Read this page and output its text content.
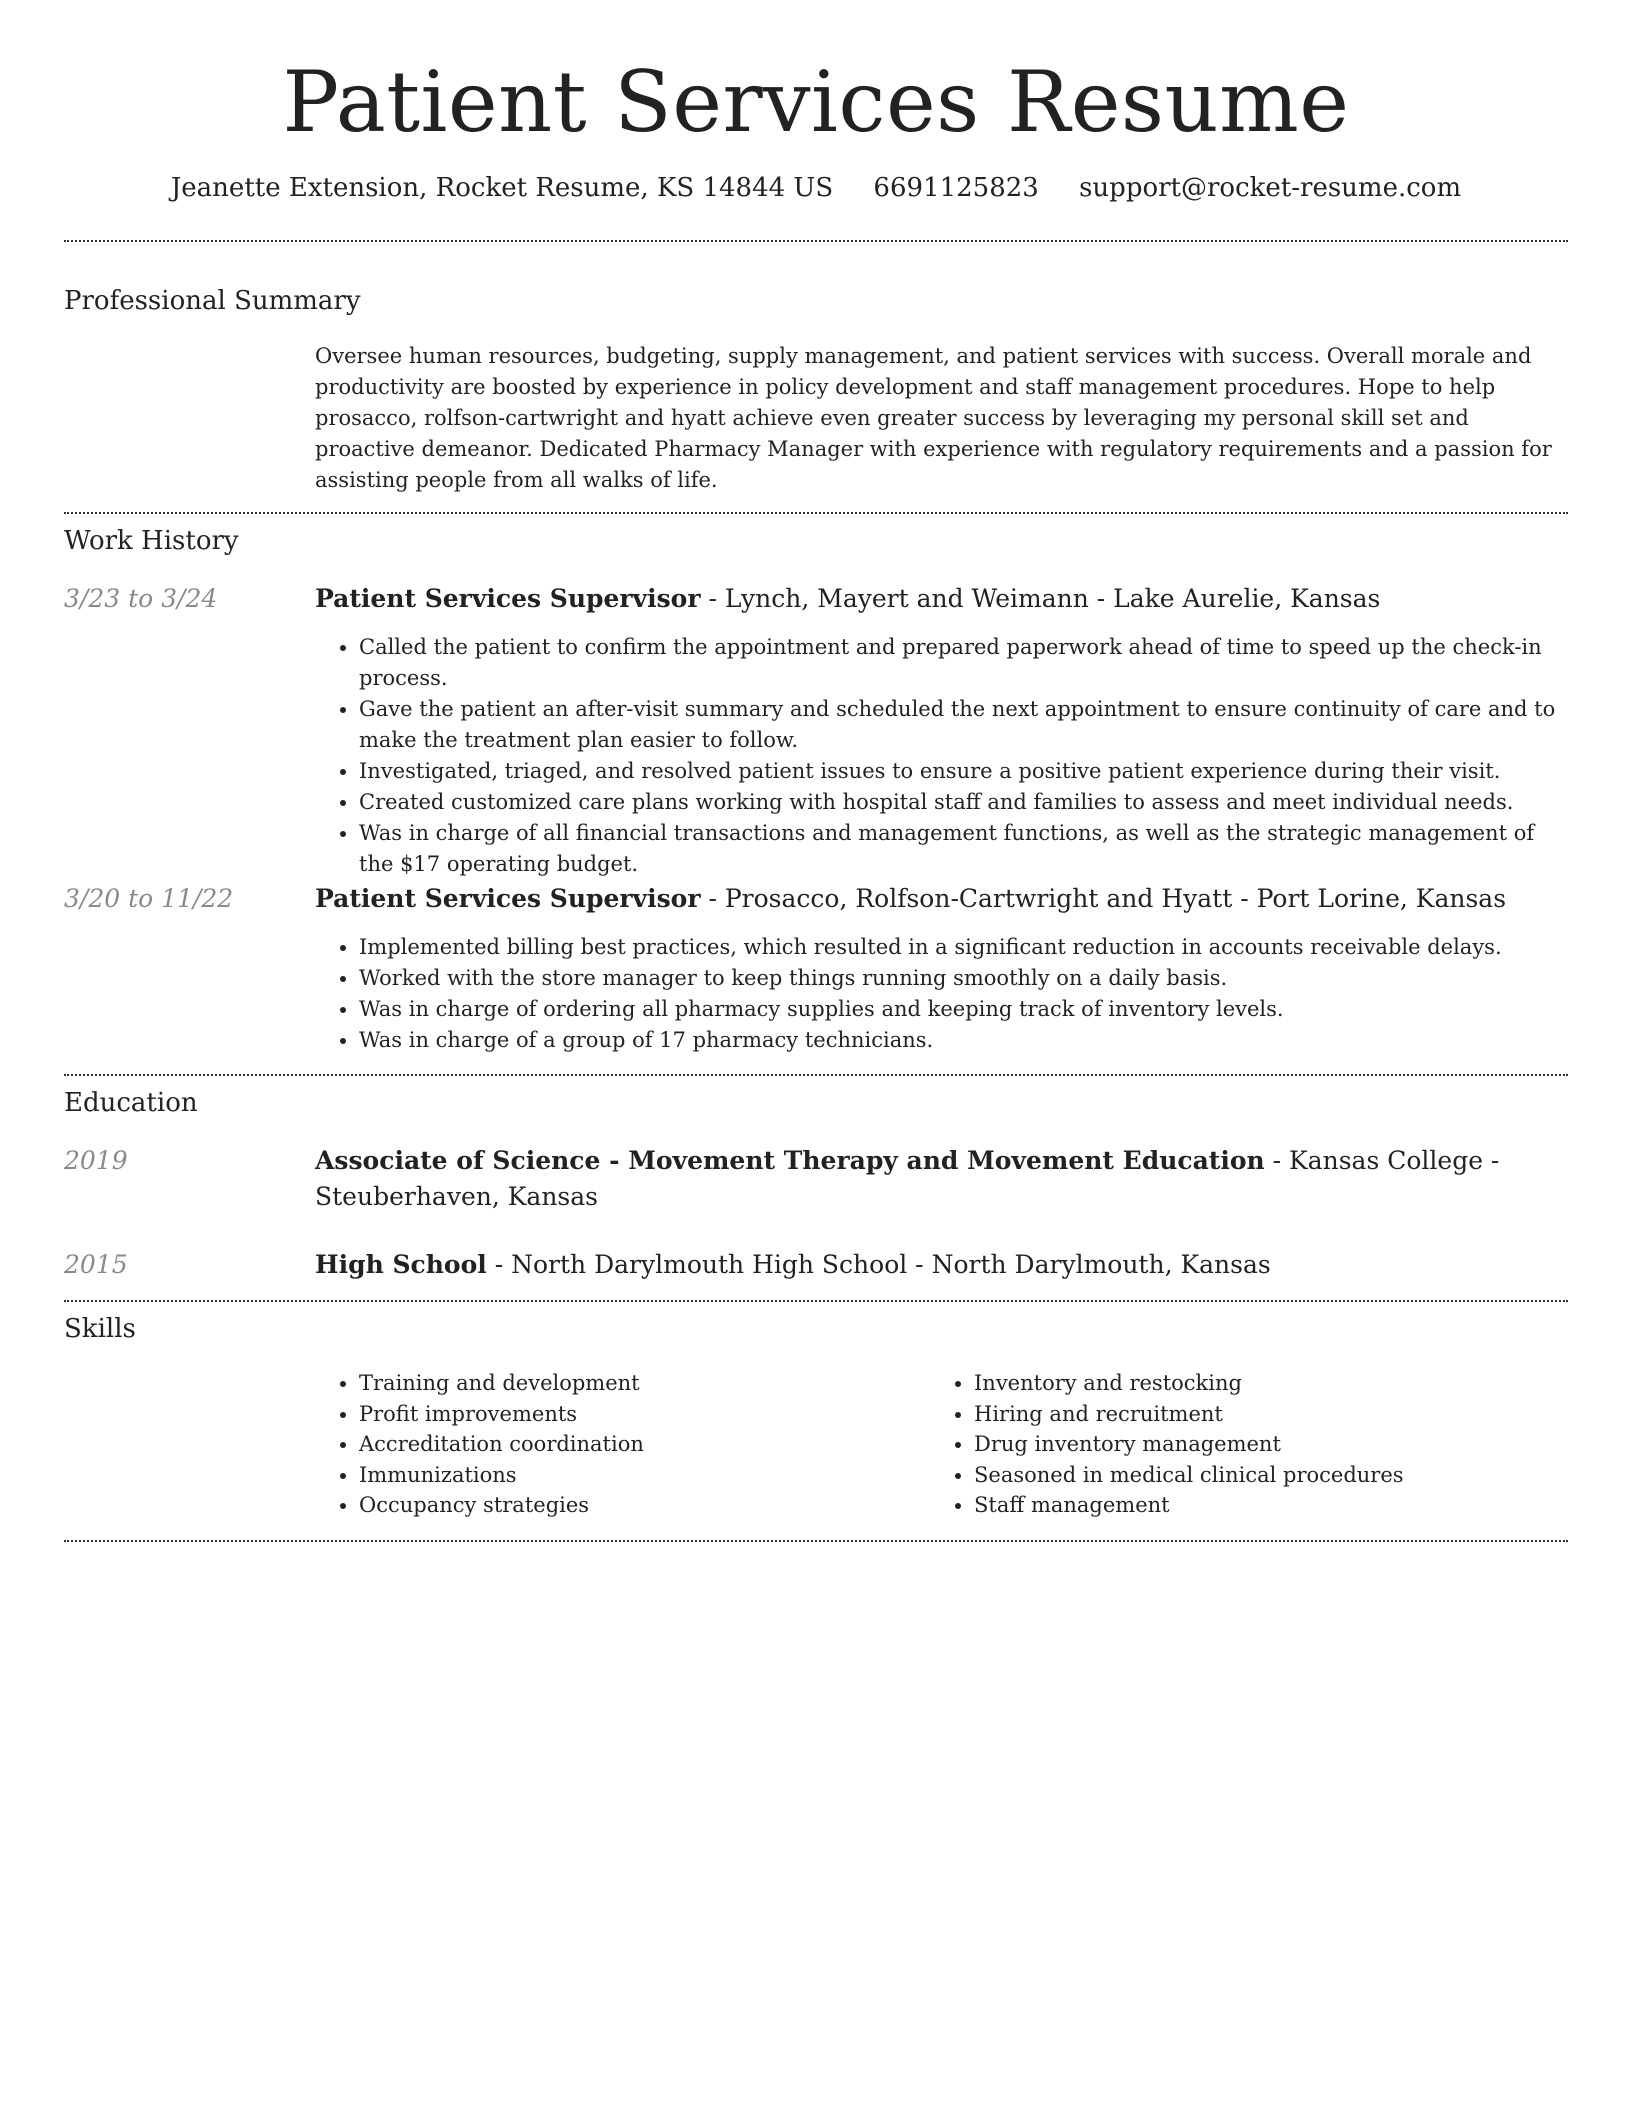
Patient Services Resume
Jeanette Extension, Rocket Resume, KS 14844 US 6691125823 support@rocket-resume.com
Professional Summary
Oversee human resources, budgeting, supply management, and patient services with success. Overall morale and productivity are boosted by experience in policy development and staff management procedures. Hope to help prosacco, rolfson-cartwright and hyatt achieve even greater success by leveraging my personal skill set and proactive demeanor. Dedicated Pharmacy Manager with experience with regulatory requirements and a passion for assisting people from all walks of life.
Work History
3/23 to 3/24	Patient Services Supervisor - Lynch, Mayert and Weimann - Lake Aurelie, Kansas
• Called the patient to confirm the appointment and prepared paperwork ahead of time to speed up the check-in process.
• Gave the patient an after-visit summary and scheduled the next appointment to ensure continuity of care and to make the treatment plan easier to follow.
• Investigated, triaged, and resolved patient issues to ensure a positive patient experience during their visit.
• Created customized care plans working with hospital staff and families to assess and meet individual needs.
• Was in charge of all financial transactions and management functions, as well as the strategic management of the $17 operating budget.
3/20 to 11/22	Patient Services Supervisor - Prosacco, Rolfson-Cartwright and Hyatt - Port Lorine, Kansas
• Implemented billing best practices, which resulted in a significant reduction in accounts receivable delays.
• Worked with the store manager to keep things running smoothly on a daily basis.
• Was in charge of ordering all pharmacy supplies and keeping track of inventory levels.
• Was in charge of a group of 17 pharmacy technicians.
Education
2019	Associate of Science - Movement Therapy and Movement Education - Kansas College - Steuberhaven, Kansas
2015	High School - North Darylmouth High School - North Darylmouth, Kansas
Skills
• Training and development
• Profit improvements
• Accreditation coordination
• Immunizations
• Occupancy strategies
• Inventory and restocking
• Hiring and recruitment
• Drug inventory management
• Seasoned in medical clinical procedures
• Staff management
